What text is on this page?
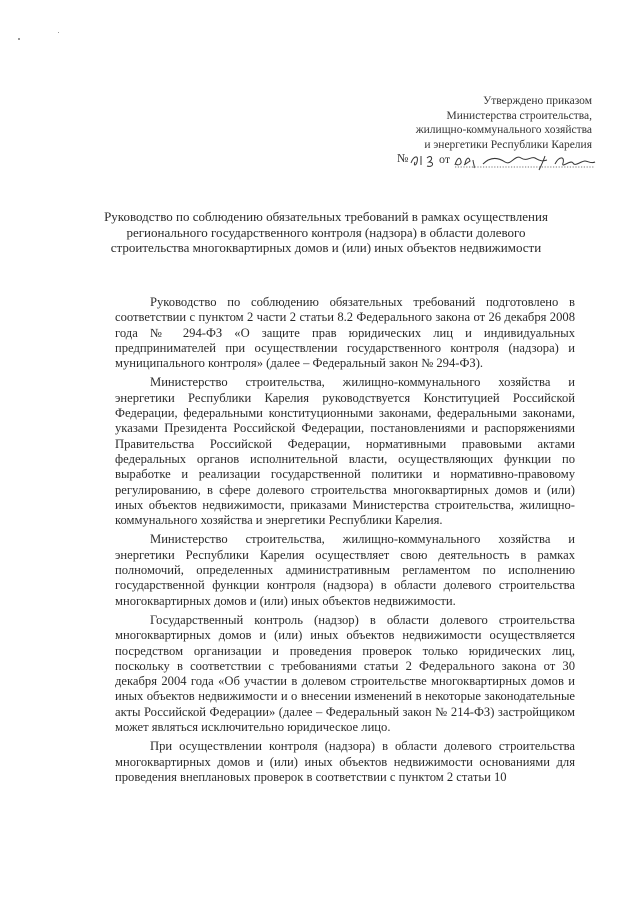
Утверждено приказом
Министерства строительства,
жилищно-коммунального хозяйства
и энергетики Республики Карелия
№	от
Руководство по соблюдению обязательных требований в рамках осуществления регионального государственного контроля (надзора) в области долевого строительства многоквартирных домов и (или) иных объектов недвижимости

Руководство по соблюдению обязательных требований подготовлено в соответствии с пунктом 2 части 2 статьи 8.2 Федерального закона от 26 декабря 2008 года № 294-ФЗ «О защите прав юридических лиц и индивидуальных предпринимателей при осуществлении государственного контроля (надзора) и муниципального контроля» (далее – Федеральный закон № 294-ФЗ).

Министерство строительства, жилищно-коммунального хозяйства и энергетики Республики Карелия руководствуется Конституцией Российской Федерации, федеральными конституционными законами, федеральными законами, указами Президента Российской Федерации, постановлениями и распоряжениями Правительства Российской Федерации, нормативными правовыми актами федеральных органов исполнительной власти, осуществляющих функции по выработке и реализации государственной политики и нормативно-правовому регулированию, в сфере долевого строительства многоквартирных домов и (или) иных объектов недвижимости, приказами Министерства строительства, жилищно-коммунального хозяйства и энергетики Республики Карелия.

Министерство строительства, жилищно-коммунального хозяйства и энергетики Республики Карелия осуществляет свою деятельность в рамках полномочий, определенных административным регламентом по исполнению государственной функции контроля (надзора) в области долевого строительства многоквартирных домов и (или) иных объектов недвижимости.

Государственный контроль (надзор) в области долевого строительства многоквартирных домов и (или) иных объектов недвижимости осуществляется посредством организации и проведения проверок только юридических лиц, поскольку в соответствии с требованиями статьи 2 Федерального закона от 30 декабря 2004 года «Об участии в долевом строительстве многоквартирных домов и иных объектов недвижимости и о внесении изменений в некоторые законодательные акты Российской Федерации» (далее – Федеральный закон № 214-ФЗ) застройщиком может являться исключительно юридическое лицо.

При осуществлении контроля (надзора) в области долевого строительства многоквартирных домов и (или) иных объектов недвижимости основаниями для проведения внеплановых проверок в соответствии с пунктом 2 статьи 10
